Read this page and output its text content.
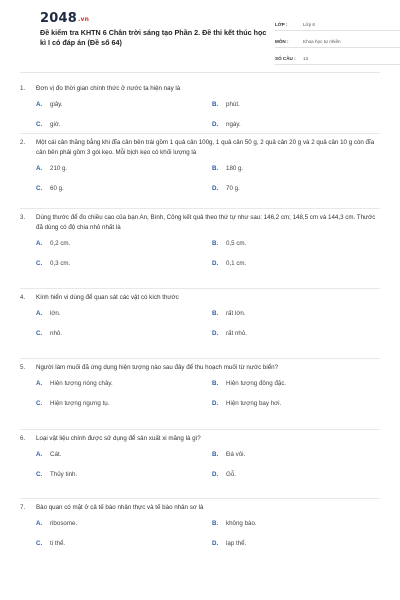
2048.vn
Đề kiểm tra KHTN 6 Chân trời sáng tạo Phần 2. Đề thi kết thúc học kì I có đáp án (Đề số 64)
LỚP :	Lớp 6
MÔN :	Khoa học tự nhiên
SỐ CÂU :	13
1.	Đơn vị đo thời gian chính thức ở nước ta hiện nay là
A.	giây.	B.	phút.
C.	giờ.	D.	ngày.
2.	Một cái cân thăng bằng khi đĩa cân bên trái gồm 1 quả cân 100g, 1 quả cân 50 g, 2 quả cân 20 g và 2 quả cân 10 g còn đĩa cân bên phải gồm 3 gói kẹo. Mỗi bịch kẹo có khối lượng là
A.	210 g.	B.	180 g.
C.	60 g.	D.	70 g.
3.	Dùng thước để đo chiều cao của bạn An, Bình, Công kết quả theo thứ tự như sau: 146,2 cm; 148,5 cm và 144,3 cm. Thước đã dùng có độ chia nhỏ nhất là
A.	0,2 cm.	B.	0,5 cm.
C.	0,3 cm.	D.	0,1 cm.
4.	Kính hiển vi dùng để quan sát các vật có kích thước
A.	lớn.	B.	rất lớn.
C.	nhỏ.	D.	rất nhỏ.
5.	Người làm muối đã ứng dụng hiện tượng nào sau đây để thu hoạch muối từ nước biển?
A.	Hiện tượng nóng chảy.	B.	Hiện tượng đông đặc.
C.	Hiện tượng ngưng tụ.	D.	Hiện tượng bay hơi.
6.	Loại vật liệu chính được sử dụng để sản xuất xi măng là gì?
A.	Cát.	B.	Đá vôi.
C.	Thủy tinh.	D.	Gỗ.
7.	Bào quan có mặt ở cả tế bào nhân thực và tế bào nhân sơ là
A.	ribosome.	B.	không bào.
C.	ti thể.	D.	lạp thể.
